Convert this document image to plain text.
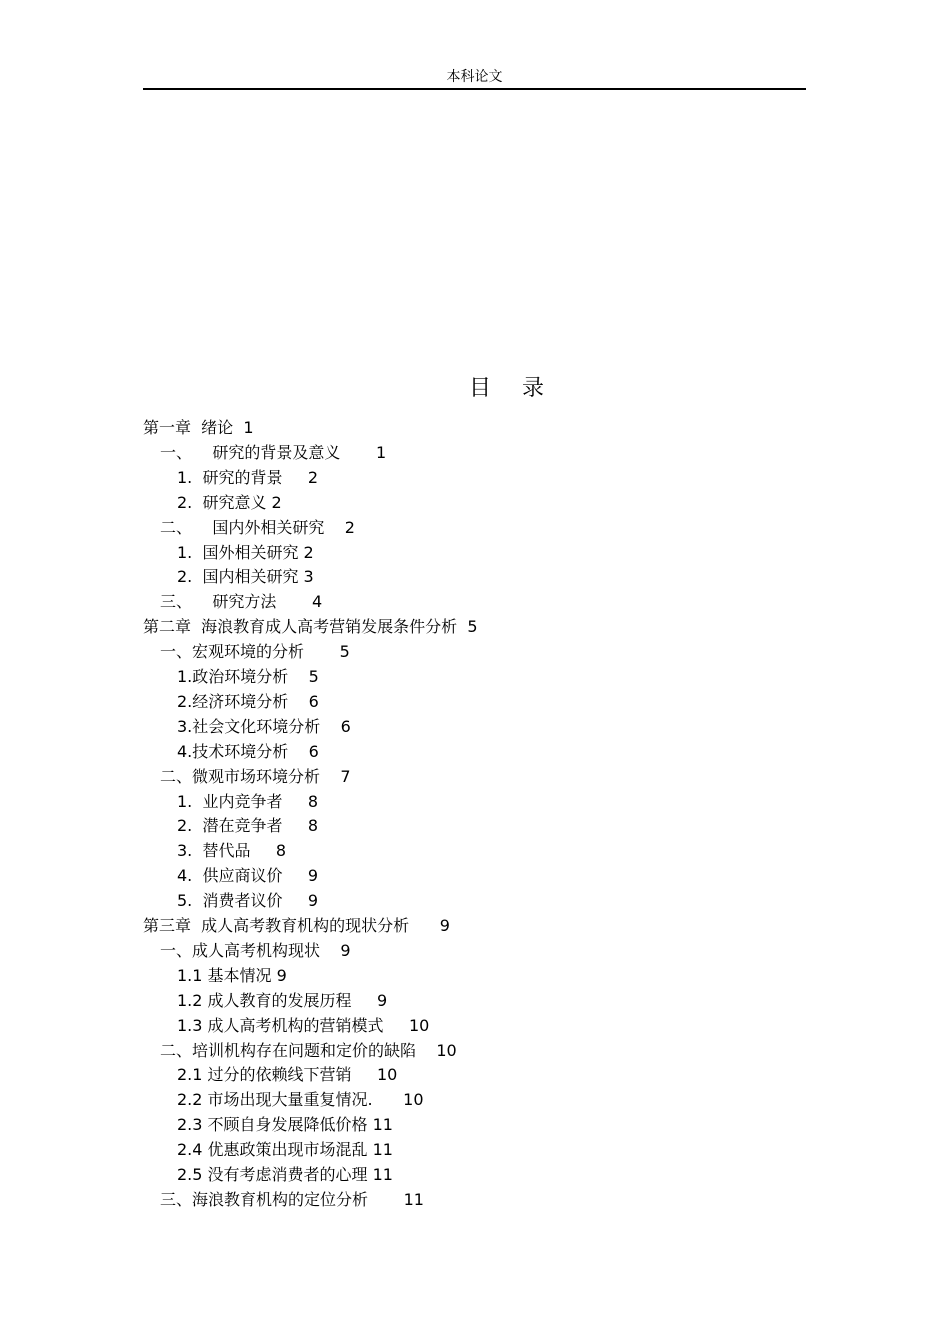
本科论文
目 录
第一章  绪论  1
一、    研究的背景及意义       1
1.  研究的背景     2
2.  研究意义 2
二、    国内外相关研究    2
1.  国外相关研究 2
2.  国内相关研究 3
三、    研究方法       4
第二章  海浪教育成人高考营销发展条件分析  5
一、宏观环境的分析       5
1.政治环境分析    5
2.经济环境分析    6
3.社会文化环境分析    6
4.技术环境分析    6
二、微观市场环境分析    7
1.  业内竞争者     8
2.  潜在竞争者     8
3.  替代品     8
4.  供应商议价     9
5.  消费者议价     9
第三章  成人高考教育机构的现状分析      9
一、成人高考机构现状    9
1.1 基本情况 9
1.2 成人教育的发展历程     9
1.3 成人高考机构的营销模式     10
二、培训机构存在问题和定价的缺陷    10
2.1 过分的依赖线下营销     10
2.2 市场出现大量重复情况.      10
2.3 不顾自身发展降低价格 11
2.4 优惠政策出现市场混乱 11
2.5 没有考虑消费者的心理 11
三、海浪教育机构的定位分析       11
